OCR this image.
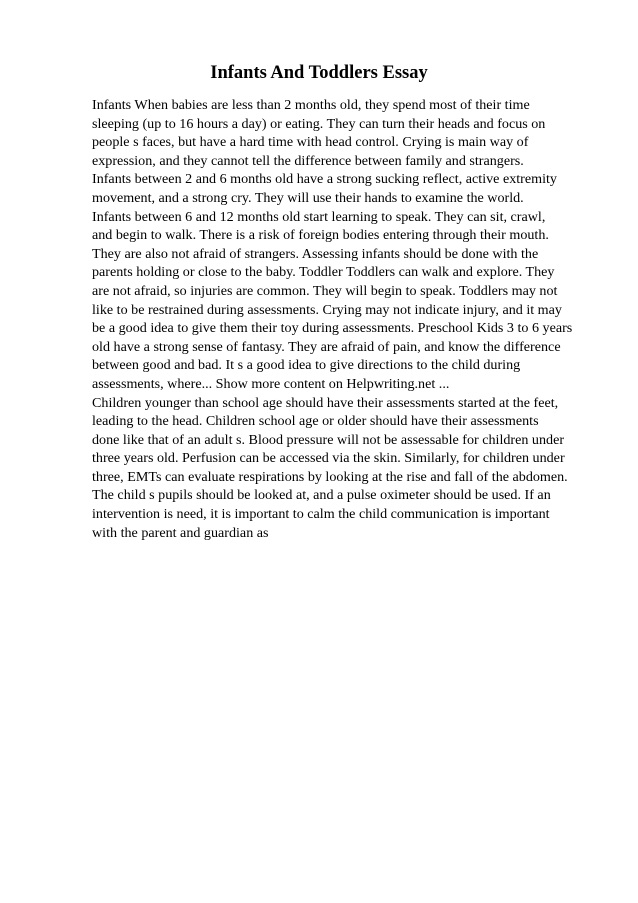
Infants And Toddlers Essay
Infants When babies are less than 2 months old, they spend most of their time
sleeping (up to 16 hours a day) or eating. They can turn their heads and focus on
people s faces, but have a hard time with head control. Crying is main way of
expression, and they cannot tell the difference between family and strangers.
Infants between 2 and 6 months old have a strong sucking reflect, active extremity
movement, and a strong cry. They will use their hands to examine the world.
Infants between 6 and 12 months old start learning to speak. They can sit, crawl,
and begin to walk. There is a risk of foreign bodies entering through their mouth.
They are also not afraid of strangers. Assessing infants should be done with the
parents holding or close to the baby. Toddler Toddlers can walk and explore. They
are not afraid, so injuries are common. They will begin to speak. Toddlers may not
like to be restrained during assessments. Crying may not indicate injury, and it may
be a good idea to give them their toy during assessments. Preschool Kids 3 to 6 years
old have a strong sense of fantasy. They are afraid of pain, and know the difference
between good and bad. It s a good idea to give directions to the child during
assessments, where... Show more content on Helpwriting.net ...
Children younger than school age should have their assessments started at the feet,
leading to the head. Children school age or older should have their assessments
done like that of an adult s. Blood pressure will not be assessable for children under
three years old. Perfusion can be accessed via the skin. Similarly, for children under
three, EMTs can evaluate respirations by looking at the rise and fall of the abdomen.
The child s pupils should be looked at, and a pulse oximeter should be used. If an
intervention is need, it is important to calm the child communication is important
with the parent and guardian as
